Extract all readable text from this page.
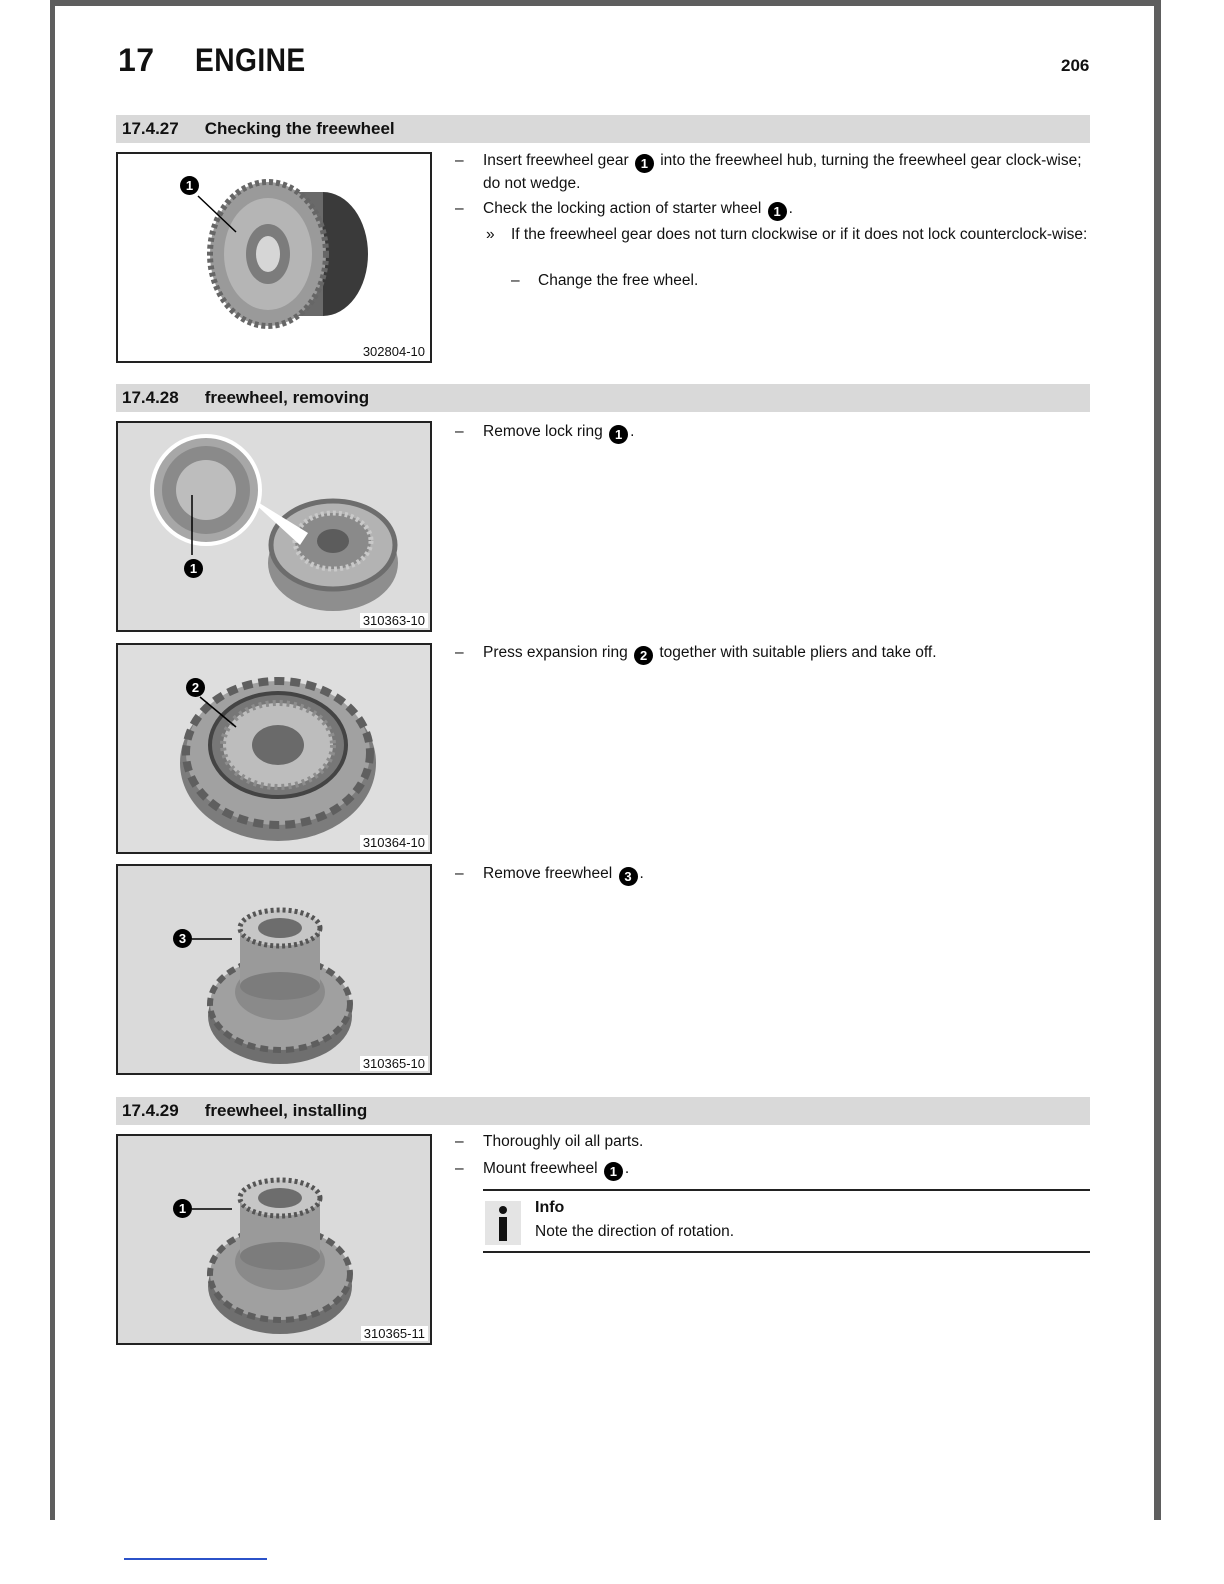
17 ENGINE	206
17.4.27 Checking the freewheel
1
302804-10
– Insert freewheel gear 1 into the freewheel hub, turning the freewheel gear clock-wise; do not wedge.
– Check the locking action of starter wheel 1 .
» If the freewheel gear does not turn clockwise or if it does not lock counterclock-wise:
– Change the free wheel.
17.4.28 freewheel, removing
1
310363-10
– Remove lock ring 1 .
2
310364-10
– Press expansion ring 2 together with suitable pliers and take off.
3
310365-10
– Remove freewheel 3 .
17.4.29 freewheel, installing
1
310365-11
– Thoroughly oil all parts.
– Mount freewheel 1 .
Info
Note the direction of rotation.
